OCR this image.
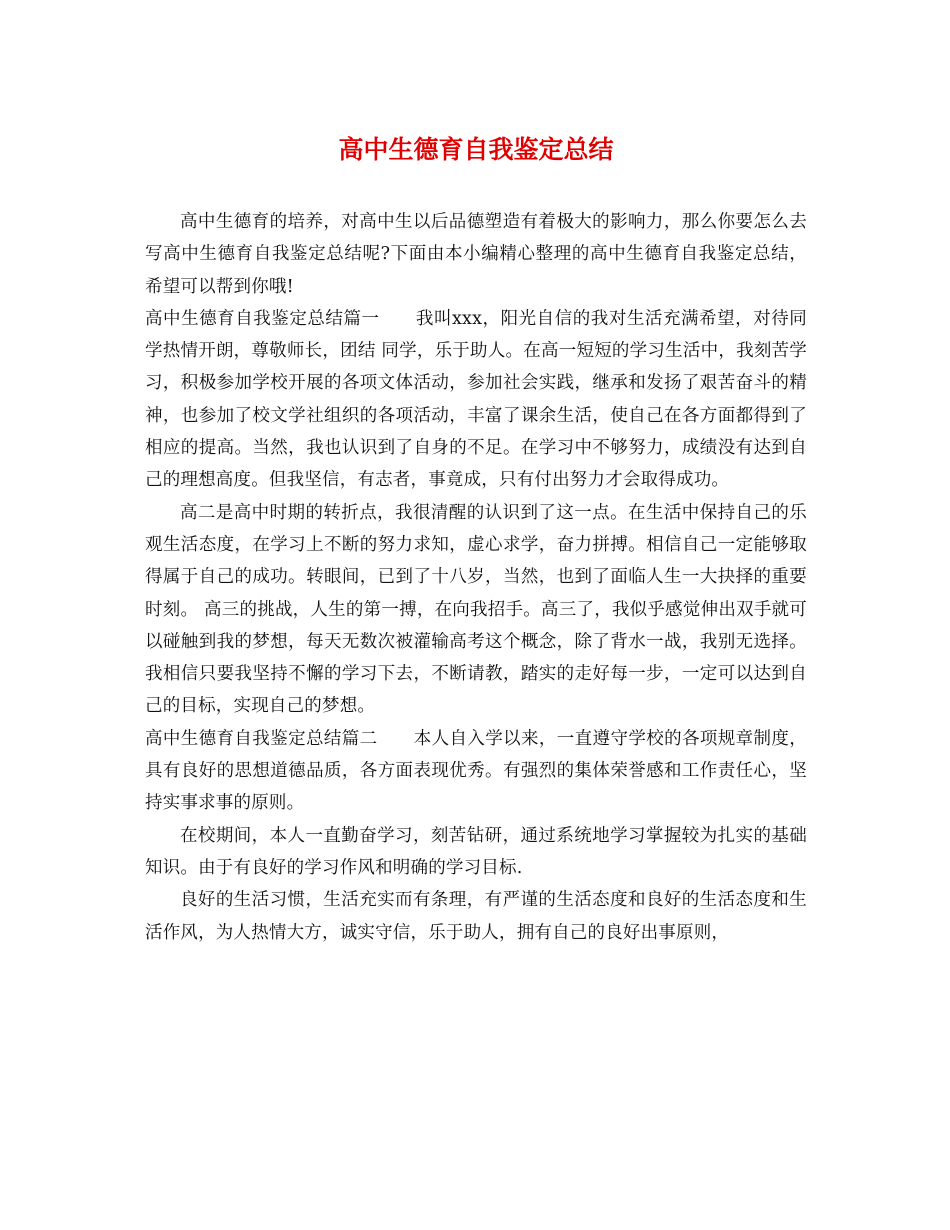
高中生德育自我鉴定总结

高中生德育的培养，对高中生以后品德塑造有着极大的影响力，那么你要怎么去写高中生德育自我鉴定总结呢?下面由本小编精心整理的高中生德育自我鉴定总结，希望可以帮到你哦!

高中生德育自我鉴定总结篇一 我叫xxx，阳光自信的我对生活充满希望，对待同学热情开朗，尊敬师长，团结 同学，乐于助人。在高一短短的学习生活中，我刻苦学习，积极参加学校开展的各项文体活动，参加社会实践，继承和发扬了艰苦奋斗的精神，也参加了校文学社组织的各项活动，丰富了课余生活，使自己在各方面都得到了相应的提高。当然，我也认识到了自身的不足。在学习中不够努力，成绩没有达到自己的理想高度。但我坚信，有志者，事竟成，只有付出努力才会取得成功。

高二是高中时期的转折点，我很清醒的认识到了这一点。在生活中保持自己的乐观生活态度，在学习上不断的努力求知，虚心求学，奋力拼搏。相信自己一定能够取得属于自己的成功。转眼间，已到了十八岁，当然，也到了面临人生一大抉择的重要时刻。 高三的挑战，人生的第一搏，在向我招手。高三了，我似乎感觉伸出双手就可以碰触到我的梦想，每天无数次被灌输高考这个概念，除了背水一战，我别无选择。我相信只要我坚持不懈的学习下去，不断请教，踏实的走好每一步，一定可以达到自己的目标，实现自己的梦想。

高中生德育自我鉴定总结篇二 本人自入学以来，一直遵守学校的各项规章制度，具有良好的思想道德品质，各方面表现优秀。有强烈的集体荣誉感和工作责任心，坚持实事求事的原则。

在校期间，本人一直勤奋学习，刻苦钻研，通过系统地学习掌握较为扎实的基础知识。由于有良好的学习作风和明确的学习目标.

良好的生活习惯，生活充实而有条理，有严谨的生活态度和良好的生活态度和生活作风，为人热情大方，诚实守信，乐于助人，拥有自己的良好出事原则，
